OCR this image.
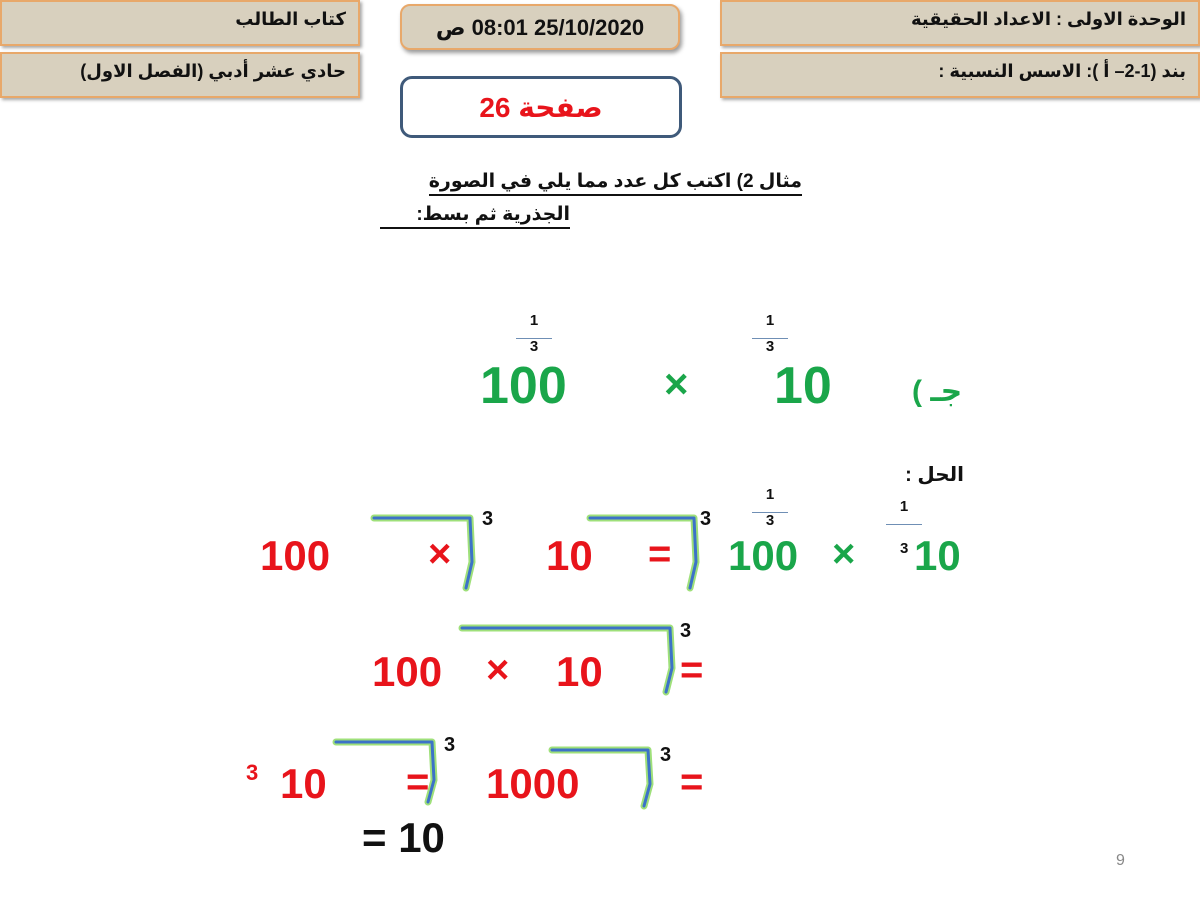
الوحدة الاولى : الاعداد الحقيقية
بند (1-2– أ ): الاسس النسبية :
كتاب الطالب
حادي عشر أدبي (الفصل الاول)
25/10/2020 08:01 ص
صفحة 26
مثال 2) اكتب كل عدد مما يلي في الصورة
الجذرية ثم بسط:
1
3
1
3
100 × 10	جـ )
الحل :
1
3 10
×
1
3
100
3	3
=
10
×
100
3
=
10
×
100
3
3
=
1000
=
10
3
= 10	9
